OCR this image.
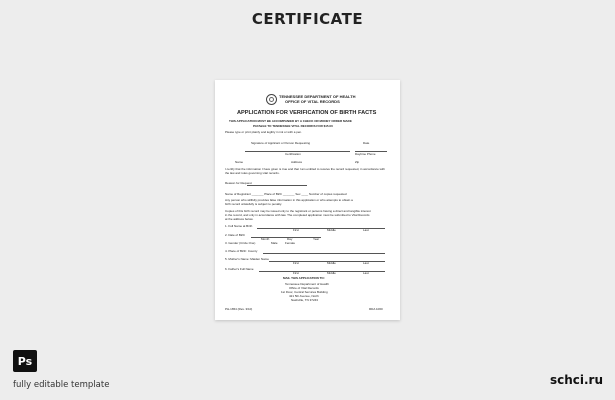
CERTIFICATE
TENNESSEE DEPARTMENT OF HEALTH
OFFICE OF VITAL RECORDS
APPLICATION FOR VERIFICATION OF BIRTH FACTS
THIS APPLICATION MUST BE ACCOMPANIED BY A CHECK OR MONEY ORDER MADE
PAYABLE TO TENNESSEE VITAL RECORDS FOR $15.00
Please type or print plainly and legibly in ink or with a pen.
Signature of Applicant or Person Requesting	Date
Certification	Daytime Phone
Name	Address	Zip
I certify that the information I have given is true and that I am entitled to receive the record requested, in accordance with
the law and rules governing vital records.
Reason for Request
Name of Registrant _______ Place of Birth _______ Sex ____ Number of copies requested
Any person who willfully provides false information in this application or who attempts to obtain a
birth record unlawfully is subject to penalty.
Copies of this birth record may be issued only to the registrant or persons having a direct and tangible interest
in the record, and only in accordance with law. The completed application must be submitted to Vital Records
at the address below.
1. Full Name at Birth
First	Middle	Last
2. Date of Birth
Month	Day	Year
3. Gender (Circle One)	Male Female
4. Place of Birth: County
5. Mother's Name: Maiden Name
First	Middle	Last
6. Father's Full Name
First	Middle	Last
MAIL THIS APPLICATION TO:
Tennessee Department of Health
Office of Vital Records
1st Floor, Central Services Building
421 5th Avenue, North
Nashville, TN 37243
PH-1654 (Rev. 3/10)	RDA 1060
Ps
fully editable template	schci.ru
